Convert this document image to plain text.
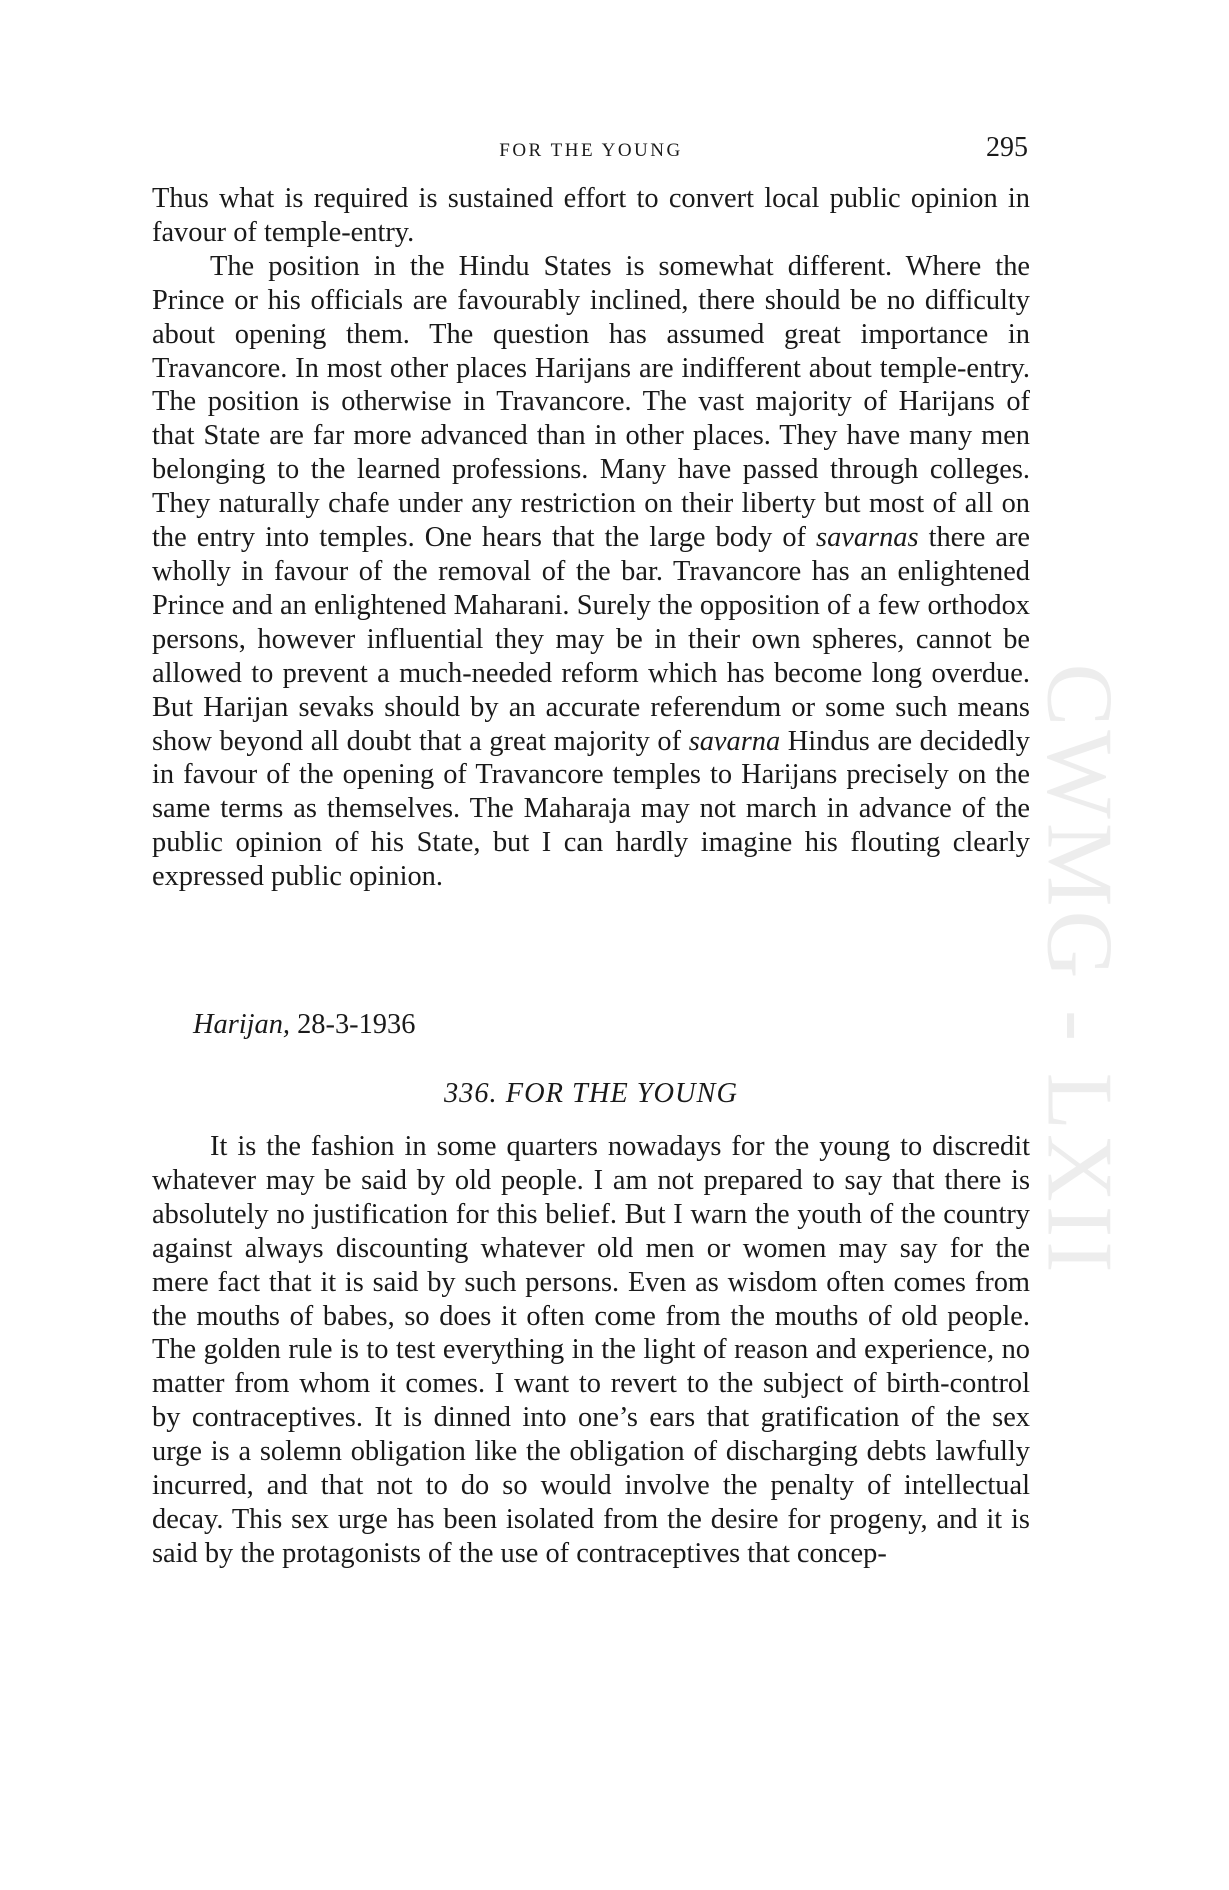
CWMG - LXII
FOR THE YOUNG	295

Thus what is required is sustained effort to convert local public opinion in favour of temple-entry.

The position in the Hindu States is somewhat different. Where the Prince or his officials are favourably inclined, there should be no difficulty about opening them. The question has assumed great importance in Travancore. In most other places Harijans are indifferent about temple-entry. The position is otherwise in Travancore. The vast majority of Harijans of that State are far more advanced than in other places. They have many men belonging to the learned professions. Many have passed through colleges. They naturally chafe under any restriction on their liberty but most of all on the entry into temples. One hears that the large body of savarnas there are wholly in favour of the removal of the bar. Travancore has an enlightened Prince and an enlightened Maharani. Surely the opposition of a few orthodox persons, however influential they may be in their own spheres, cannot be allowed to prevent a much-needed reform which has become long overdue. But Harijan sevaks should by an accurate referendum or some such means show beyond all doubt that a great majority of savarna Hindus are decidedly in favour of the opening of Travancore temples to Harijans precisely on the same terms as themselves. The Maharaja may not march in advance of the public opinion of his State, but I can hardly imagine his flouting clearly expressed public opinion.

Harijan, 28-3-1936
336. FOR THE YOUNG

It is the fashion in some quarters nowadays for the young to discredit whatever may be said by old people. I am not prepared to say that there is absolutely no justification for this belief. But I warn the youth of the country against always discounting whatever old men or women may say for the mere fact that it is said by such persons. Even as wisdom often comes from the mouths of babes, so does it often come from the mouths of old people. The golden rule is to test everything in the light of reason and experience, no matter from whom it comes. I want to revert to the subject of birth-control by contraceptives. It is dinned into one’s ears that gratification of the sex urge is a solemn obligation like the obligation of discharging debts lawfully incurred, and that not to do so would involve the penalty of intellectual decay. This sex urge has been isolated from the desire for progeny, and it is said by the protagonists of the use of contraceptives that concep-
